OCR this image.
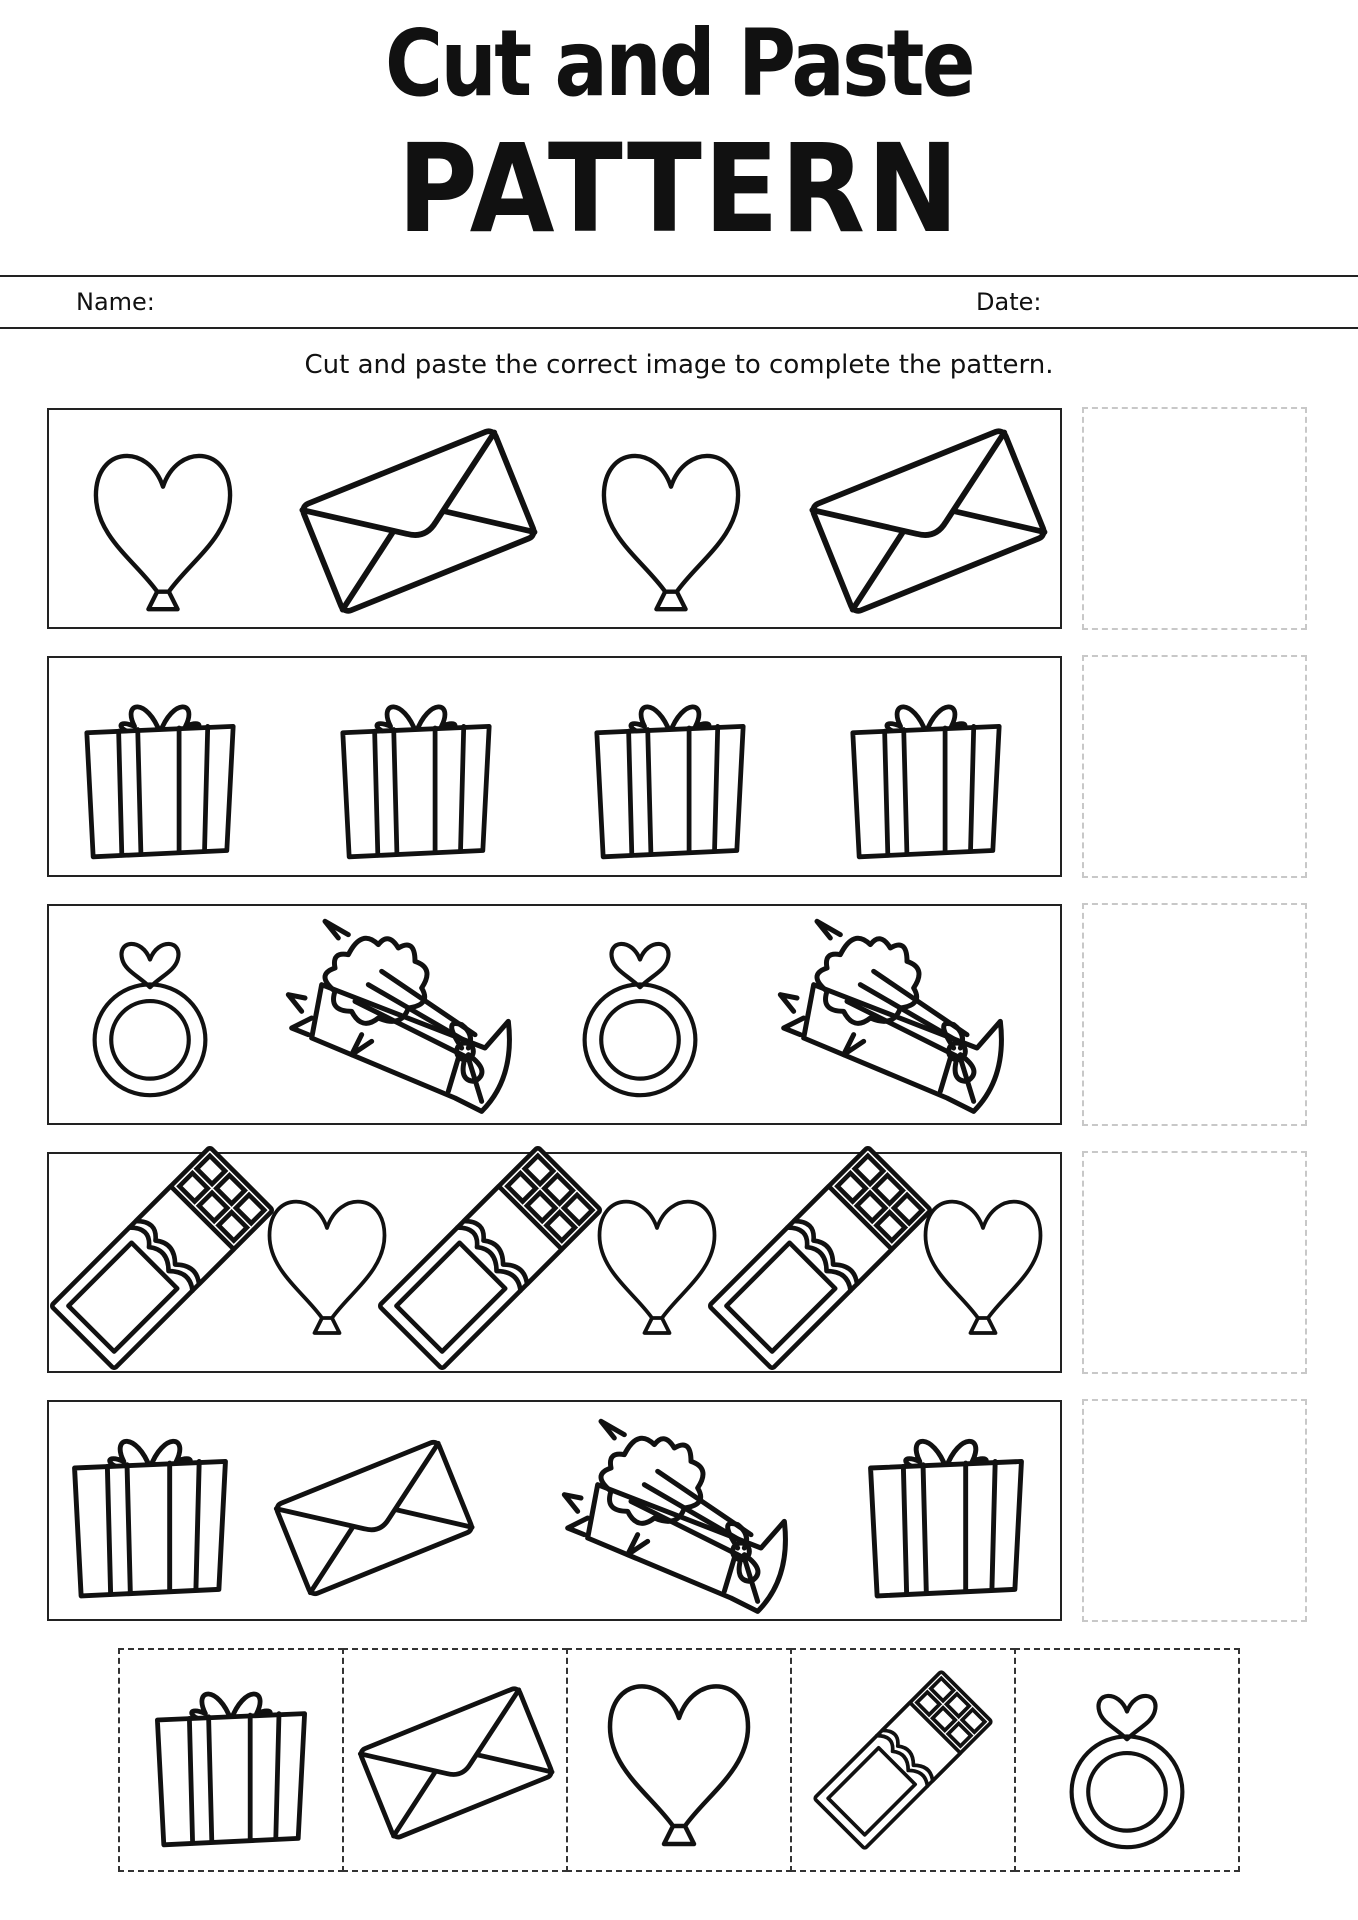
Cut and Paste
PATTERN
Name:	Date:
Cut and paste the correct image to complete the pattern.
